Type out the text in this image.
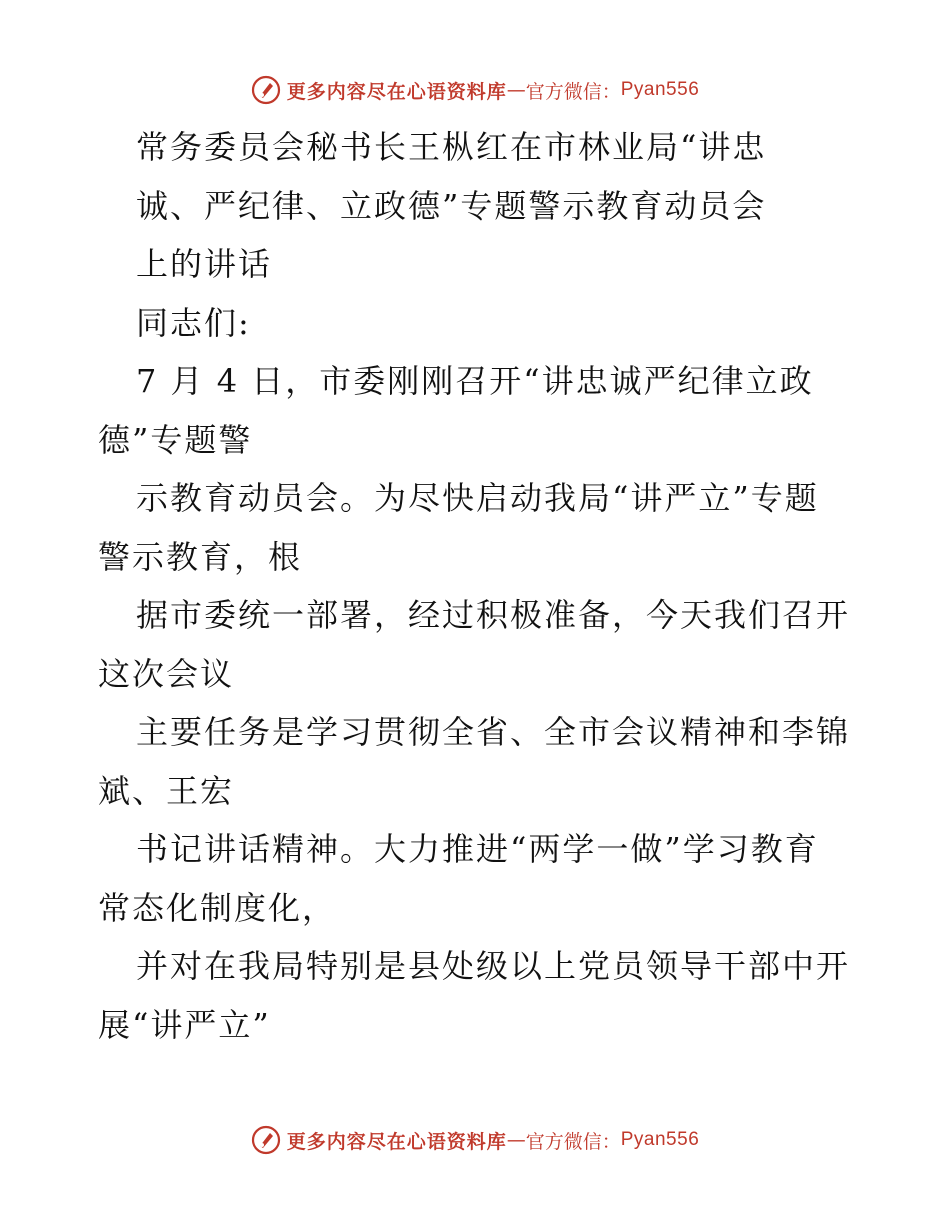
更多内容尽在心语资料库 — 官方微信： Pyan556
常务委员会秘书长王枞红在市林业局“讲忠
诚、严纪律、立政德”专题警示教育动员会
上的讲话
同志们:
7 月 4 日，市委刚刚召开“讲忠诚严纪律立政
德”专题警
示教育动员会。为尽快启动我局“讲严立”专题
警示教育，根
据市委统一部署，经过积极准备，今天我们召开
这次会议
主要任务是学习贯彻全省、全市会议精神和李锦
斌、王宏
书记讲话精神。大力推进“两学一做”学习教育
常态化制度化，
并对在我局特别是县处级以上党员领导干部中开
展“讲严立”
更多内容尽在心语资料库 — 官方微信： Pyan556
